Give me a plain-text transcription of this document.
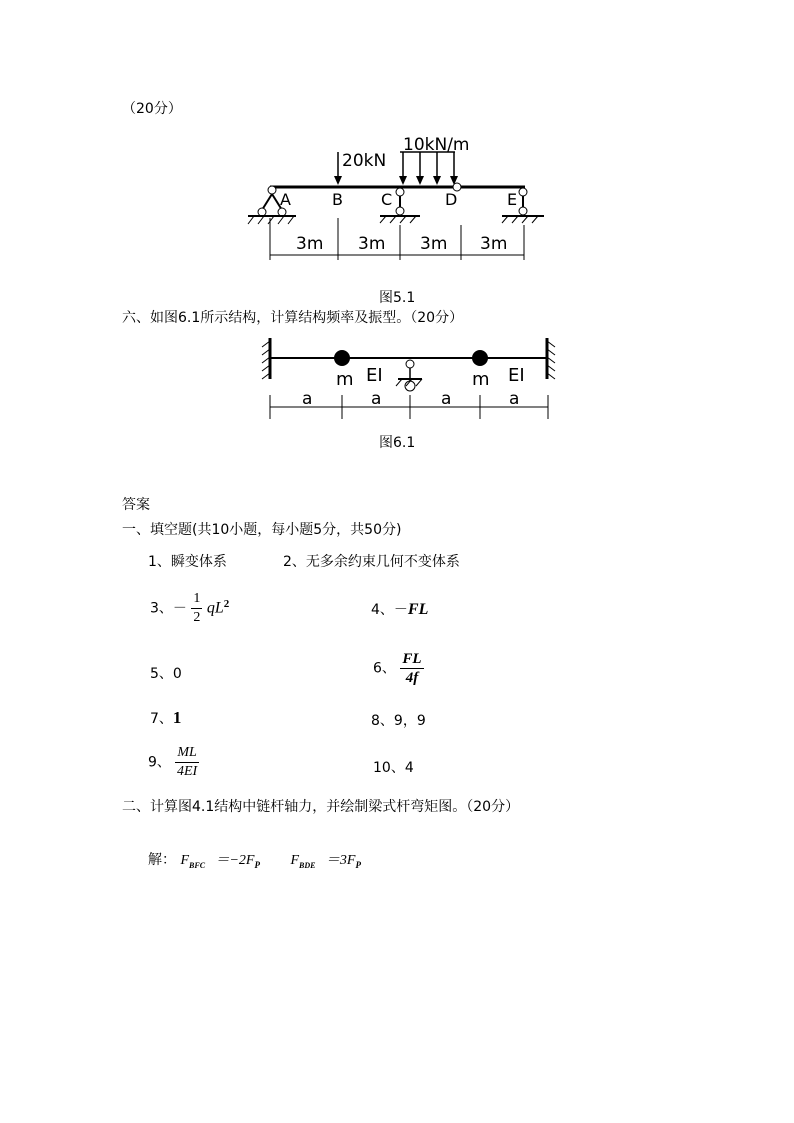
（20分）
20kN
10kN/m
A	B C	D	E
3m 3m 3m 3m
图5.1
六、如图6.1所示结构，计算结构频率及振型。（20分）
m EI	m EI
a	a	a	a
图6.1
答案
一、填空题(共10小题，每小题5分，共50分)
1、瞬变体系	2、无多余约束几何不变体系
3、－ $\frac{1}{2} qL^2$	4、－FL
5、0	6、 $\frac{FL}{4f}$
7、1	8、9，9
9、 $\frac{ML}{4EI}$	10、4
二、计算图4.1结构中链杆轴力，并绘制梁式杆弯矩图。（20分）
解： $F_{BFC} =-2F_P$ $F_{BDE} =3F_P$
